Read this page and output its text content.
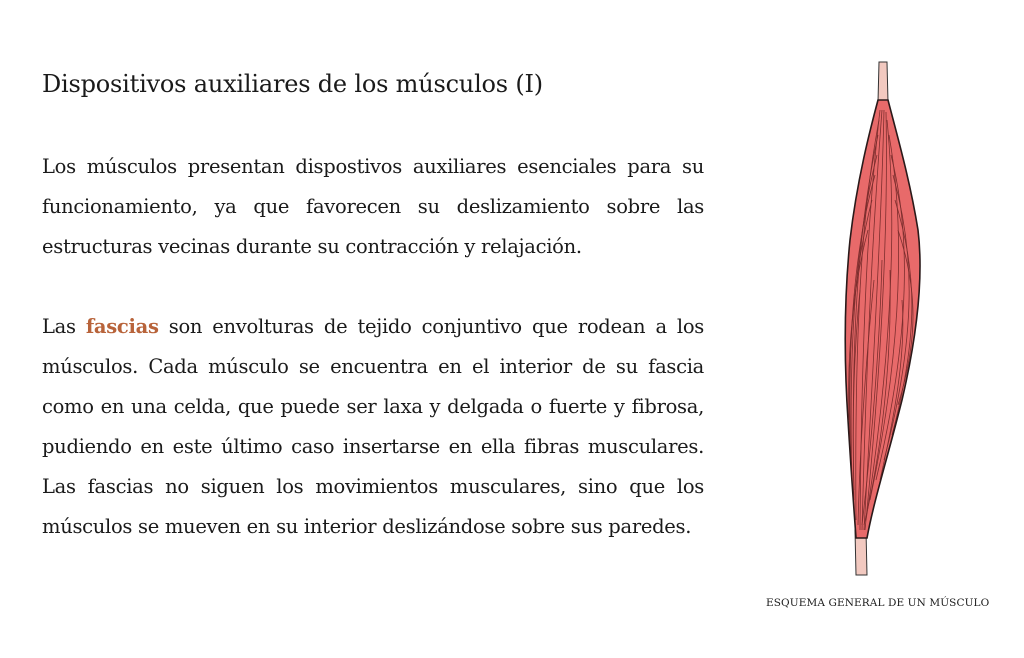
Dispositivos auxiliares de los músculos (I)

Los músculos presentan dispostivos auxiliares esenciales para su funcionamiento, ya que favorecen su deslizamiento sobre las estructuras vecinas durante su contracción y relajación.

Las fascias son envolturas de tejido conjuntivo que rodean a los músculos. Cada músculo se encuentra en el interior de su fascia como en una celda, que puede ser laxa y delgada o fuerte y fibrosa, pudiendo en este último caso insertarse en ella fibras musculares. Las fascias no siguen los movimientos musculares, sino que los músculos se mueven en su interior deslizándose sobre sus paredes.

ESQUEMA GENERAL DE UN MÚSCULO
